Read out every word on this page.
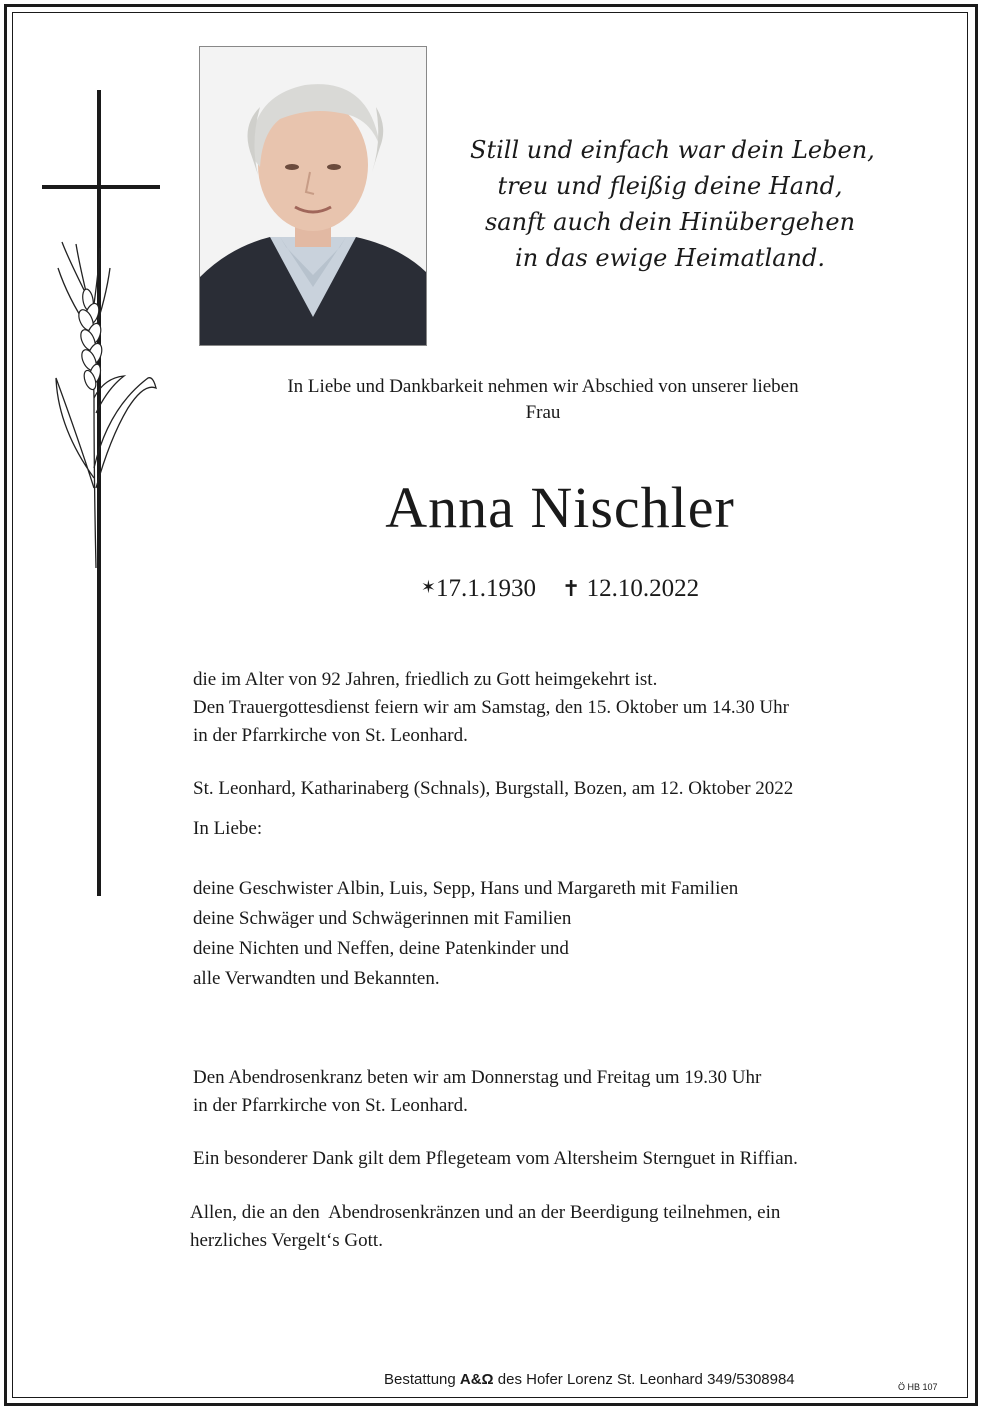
Still und einfach war dein Leben,
treu und fleißig deine Hand,
sanft auch dein Hinübergehen
in das ewige Heimatland.
In Liebe und Dankbarkeit nehmen wir Abschied von unserer lieben
Frau
Anna Nischler
✶17.1.1930 ✝ 12.10.2022
die im Alter von 92 Jahren, friedlich zu Gott heimgekehrt ist.
Den Trauergottesdienst feiern wir am Samstag, den 15. Oktober um 14.30 Uhr
in der Pfarrkirche von St. Leonhard.
St. Leonhard, Katharinaberg (Schnals), Burgstall, Bozen, am 12. Oktober 2022
In Liebe:
deine Geschwister Albin, Luis, Sepp, Hans und Margareth mit Familien
deine Schwäger und Schwägerinnen mit Familien
deine Nichten und Neffen, deine Patenkinder und
alle Verwandten und Bekannten.
Den Abendrosenkranz beten wir am Donnerstag und Freitag um 19.30 Uhr
in der Pfarrkirche von St. Leonhard.
Ein besonderer Dank gilt dem Pflegeteam vom Altersheim Sternguet in Riffian.
Allen, die an den  Abendrosenkränzen und an der Beerdigung teilnehmen, ein
herzliches Vergelt‘s Gott.
Bestattung A&Ω des Hofer Lorenz St. Leonhard 349/5308984	Ö HB 107
